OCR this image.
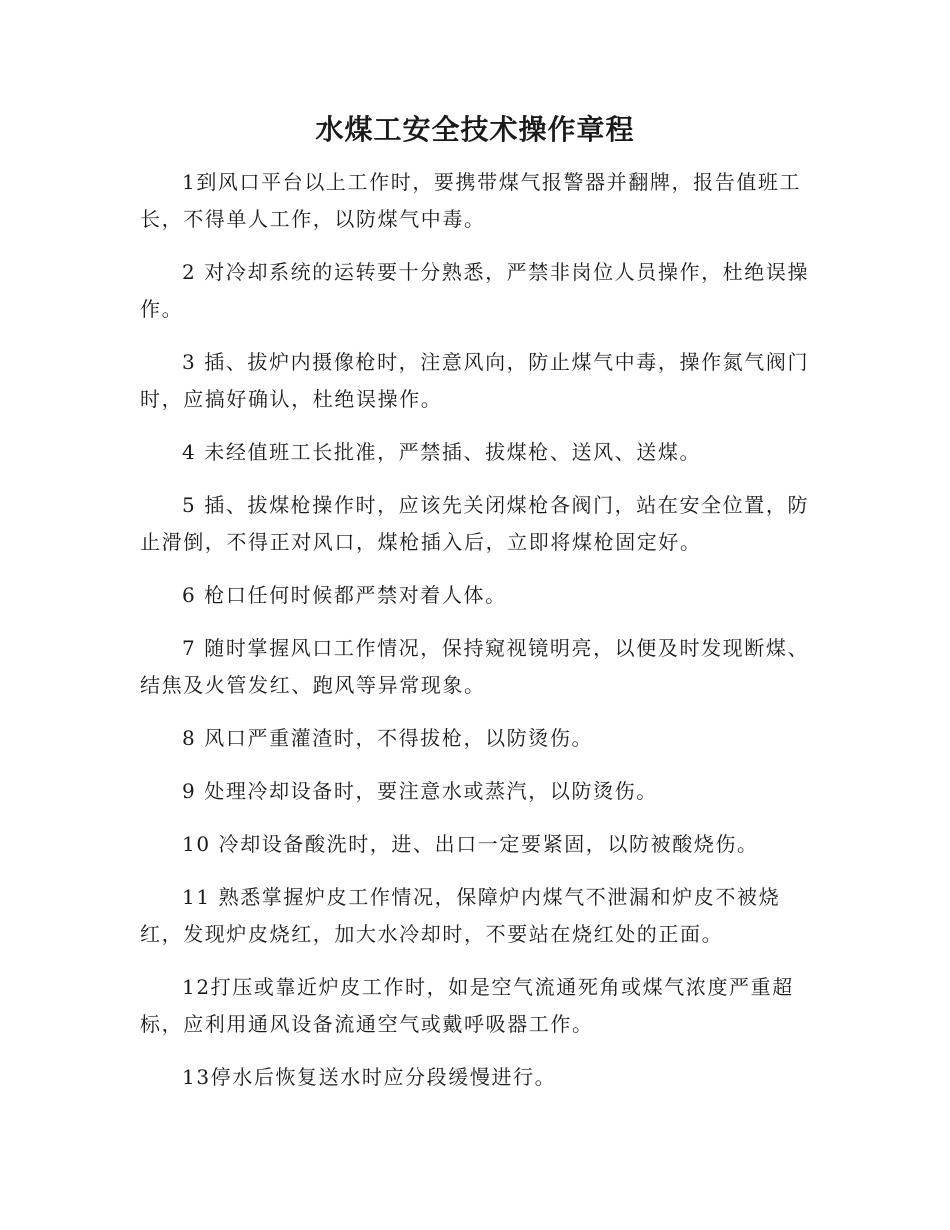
水煤工安全技术操作章程

1到风口平台以上工作时，要携带煤气报警器并翻牌，报告值班工长，不得单人工作，以防煤气中毒。

2 对冷却系统的运转要十分熟悉，严禁非岗位人员操作，杜绝误操作。

3 插、拔炉内摄像枪时，注意风向，防止煤气中毒，操作氮气阀门时，应搞好确认，杜绝误操作。

4 未经值班工长批准，严禁插、拔煤枪、送风、送煤。

5 插、拔煤枪操作时，应该先关闭煤枪各阀门，站在安全位置，防止滑倒，不得正对风口，煤枪插入后，立即将煤枪固定好。

6 枪口任何时候都严禁对着人体。

7 随时掌握风口工作情况，保持窥视镜明亮，以便及时发现断煤、结焦及火管发红、跑风等异常现象。

8 风口严重灌渣时，不得拔枪，以防烫伤。

9 处理冷却设备时，要注意水或蒸汽，以防烫伤。

10 冷却设备酸洗时，进、出口一定要紧固，以防被酸烧伤。

11 熟悉掌握炉皮工作情况，保障炉内煤气不泄漏和炉皮不被烧红，发现炉皮烧红，加大水冷却时，不要站在烧红处的正面。

12打压或靠近炉皮工作时，如是空气流通死角或煤气浓度严重超标，应利用通风设备流通空气或戴呼吸器工作。

13停水后恢复送水时应分段缓慢进行。
